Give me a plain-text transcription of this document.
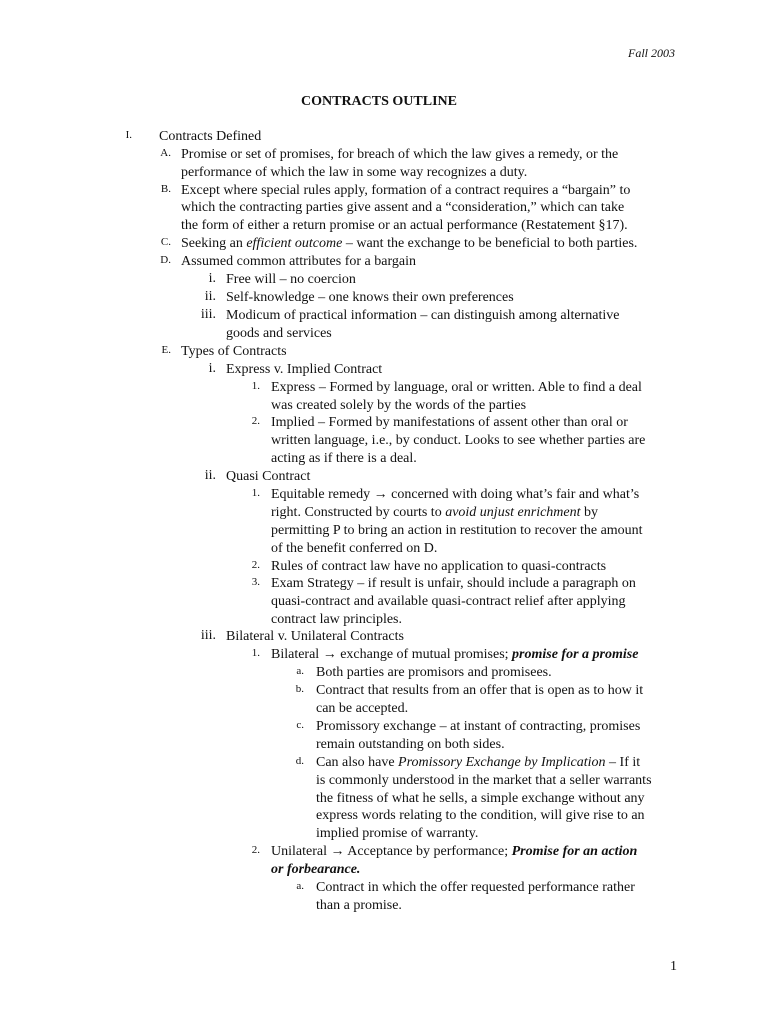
Fall 2003
CONTRACTS OUTLINE
I. Contracts Defined
A. Promise or set of promises, for breach of which the law gives a remedy, or the
performance of which the law in some way recognizes a duty.
B. Except where special rules apply, formation of a contract requires a “bargain” to
which the contracting parties give assent and a “consideration,” which can take
the form of either a return promise or an actual performance (Restatement §17).
C. Seeking an efficient outcome – want the exchange to be beneficial to both parties.
D. Assumed common attributes for a bargain
i. Free will – no coercion
ii. Self-knowledge – one knows their own preferences
iii. Modicum of practical information – can distinguish among alternative
goods and services
E. Types of Contracts
i. Express v. Implied Contract
1. Express – Formed by language, oral or written. Able to find a deal
was created solely by the words of the parties
2. Implied – Formed by manifestations of assent other than oral or
written language, i.e., by conduct. Looks to see whether parties are
acting as if there is a deal.
ii. Quasi Contract
1. Equitable remedy → concerned with doing what’s fair and what’s
right. Constructed by courts to avoid unjust enrichment by
permitting P to bring an action in restitution to recover the amount
of the benefit conferred on D.
2. Rules of contract law have no application to quasi-contracts
3. Exam Strategy – if result is unfair, should include a paragraph on
quasi-contract and available quasi-contract relief after applying
contract law principles.
iii. Bilateral v. Unilateral Contracts
1. Bilateral → exchange of mutual promises; promise for a promise
a. Both parties are promisors and promisees.
b. Contract that results from an offer that is open as to how it
can be accepted.
c. Promissory exchange – at instant of contracting, promises
remain outstanding on both sides.
d. Can also have Promissory Exchange by Implication – If it
is commonly understood in the market that a seller warrants
the fitness of what he sells, a simple exchange without any
express words relating to the condition, will give rise to an
implied promise of warranty.
2. Unilateral → Acceptance by performance; Promise for an action
or forbearance.
a. Contract in which the offer requested performance rather
than a promise.
1
